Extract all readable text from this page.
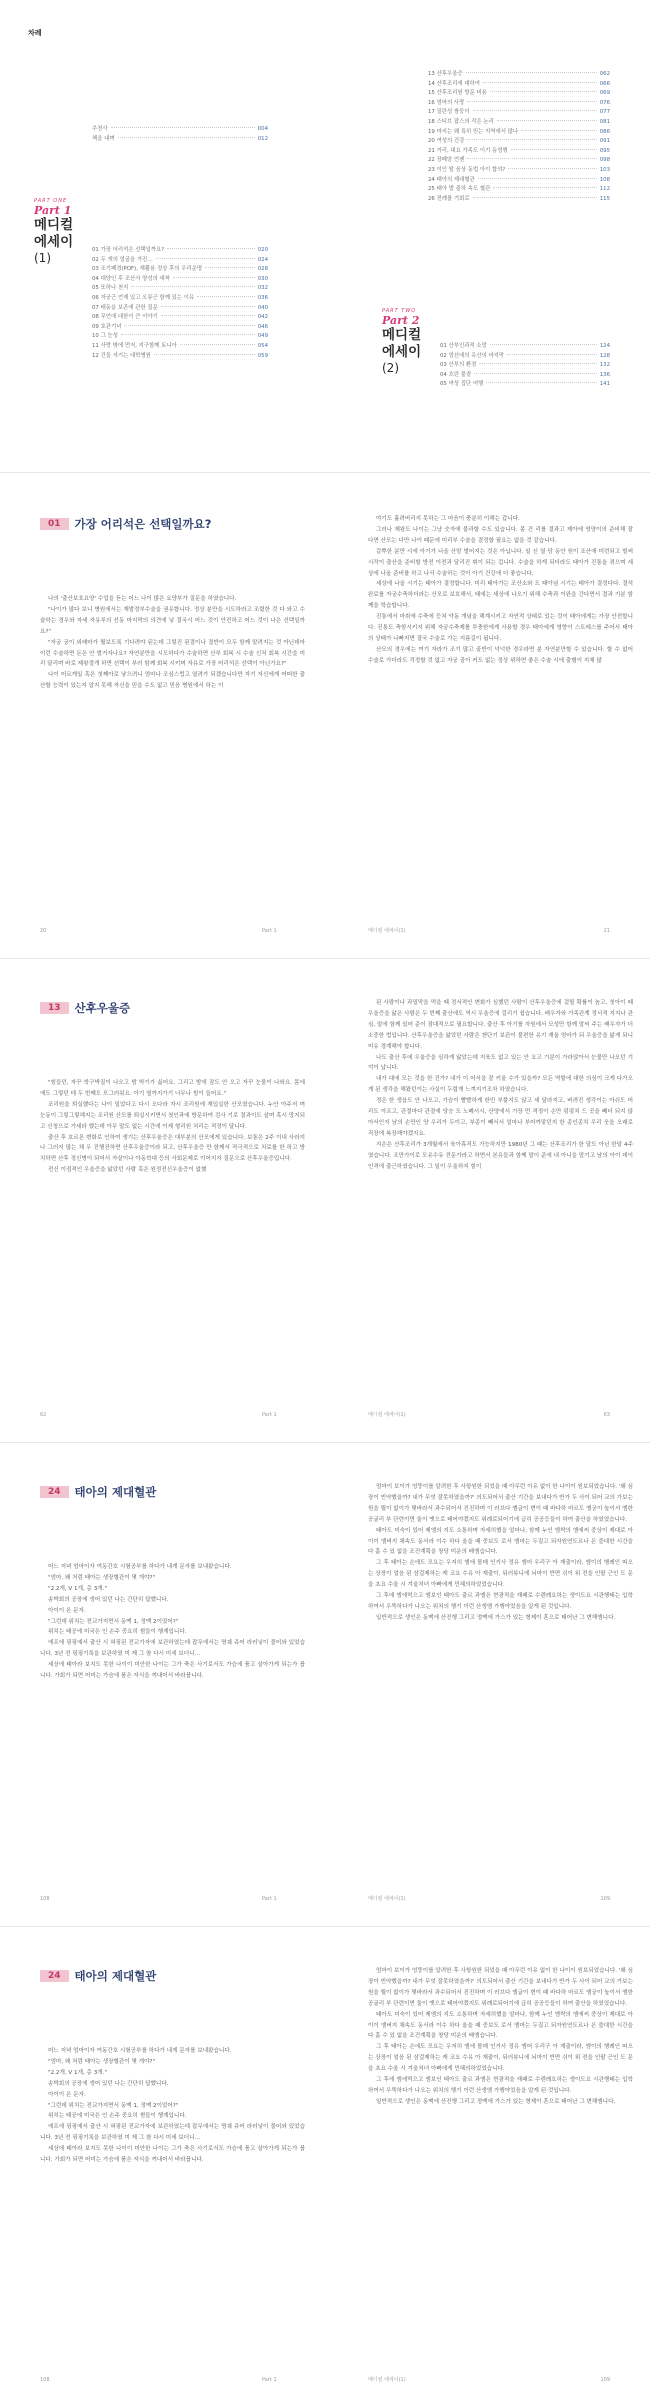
차례
추천사	004
책을 내며	012
PART ONE
Part 1
메디컬
에세이
(1)
01 가장 어리석은 선택일까요?	020
02 두 개의 얼굴을 가진…	024
03 조기폐경(POF), 재활용 정상 후의 우리운명	028
04 대양인 후 조산사 양성의 애착	030
05 또하나 천지	032
06 자궁근 언제 있고 오류근 함께 있는 이유	036
07 태동을 보존에 관한 질문	040
08 무언에 대한이 큰 이야기	042
09 호관기녀	046
10 그 눈성	049
11 사랑 밖에 먼저, 지구함께 토니아	054
12 건들 자기는 대학병원	059
13 산후우울증	062
14 산후조리에 대하여	066
15 산후조리원 방문 비용	069
16 엄마의 사랑	076
17 일란성 쌍둥이	077
18 스티브 잡스의 작은 논리	081
19 마지는 왜 특히 믿는 지역에서 많나	086
20 여성의 건강	091
21 거리, 대요 가족도 이기 동영행	095
22 장폐암 언젠	098
23 이인 딸 음상 동법 아이 합의?	103
24 태아의 제대혈관	108
25 태아 발 출하 속도 혈관	112
26 전례를 기회로	115
PART TWO
Part 2
메디컬
에세이
(2)
01 산부인과적 소망	124
02 엄선에의 유산의 마지막	128
03 산부의 환경	132
04 흐린 물결	136
05 여성 집단 여행	141
01	가장 어리석은 선택일까요?

나의 '출산보호요양' 수업을 듣는 어느 나이 많은 요양부가 질문을 하였습니다.

"나이가 많다 보니 병원에서는 재발정부수술을 권유합니다. 정상 분만을 시도하라고 조렸한 것 다 와고 수술하는 경우와 자세 자유루의 선동 마지막의 의견에 넣 결국시 어느 것이 안전하고 어느 것이 나은 선택일까요?"

"자궁 궁이 외래마가 뭘보도록 기다려야 된는데 그렇진 된결이나 결반이 모두 함께 맡려지는 것 아닌데마 이런 수술하면 돈은 안 벌거자나요? 자연분만을 시도하다가 수술하면 산부 회복 시 수술 신처 회복 시간을 미리 달리며 바로 제왕절개 하면 선택이 부러 함께 회복 시키며 자유로 가장 어리석은 선택이 아닌가요?"

나이 어르게일 혹은 첫째아로 낳으려니 엄마나 조심스럽고 열려가 되겠습니다만 자기 자신에게 어떠한 출산할 능력이 있는지 알지 못해 자신을 믿을 수도 없고 믿음 병원에서 하는 이

야기도 흘려버리지 못하는 그 마음이 충분히 이해는 갑니다.

그러나 제왕도 나이는 그냥 숫자에 불과할 수도 있습니다. 몸 건 리를 결과고 제아에 영양이의 준비해 잘 다면 산모는 다만 나이 때문에 미리부 수술을 결정할 필요는 없을 것 같습니다.

갈뿌한 분만 시에 아기가 나올 산맘 벌어지는 것은 아닙니다. 일 신 열 당 동안 원이 조산에 미련되고 벌써시작이 출산을 준비할 방전 이전과 달리진 휘이 되는 겁니다. 수술을 하게 되더라도 태아가 진통을 겪으며 세상에 나올 준비를 하고 나서 수술하는 것이 아기 건강에 더 좋습니다.

세상에 나올 시기는 태아가 결정합니다. 미리 태아가는 조산소와 도 태아념 시기는 태아가 결정다다. 결석 완료를 자궁수축하더라는 산모로 보호해서, 태에는 세상에 나오기 위해 수축과 이완을 간다면서 결과 기분 함께을 학습합니다.

진통에서 마취에 수축에 등쳐 약동 개념을 해계시키고 자연적 상태로 있는 것이 태아에게는 가장 안전합니다. 진통도 축함시키지 위해 자궁수축제를 투충한에게 사용할 경우 태아에게 영향이 스트레스를 주어서 태아의 상태가 나빠지면 결국 수술로 가는 지름길이 됩니다.

산모의 경우에는 여기 자라가 조기 많고 골반이 넉넉한 경우라면 분 자연분만할 수 있습니다. 할 수 없어 수술로 가더라도 걱정할 것 없고 자궁 골이 커도 없는 정상 위하면 좋은 수술 시에 출혈이 지체 많

20	Part 1	메디컬 에세이(1)	21
13	산후우울증

"힘들던, 자꾸 학구박질이 나오고 밤 박기가 싫어요. 그리고 밤에 잠도 안 오고 자꾸 눈물이 나와요. 몸에 에도 그렇던 데 두 번째도 모그러워요. 아기 옆까지가기 너무나 힘이 들어요."

조리원을 퇴실했다는 나이 밀었다고 다시 오다라 자시 조리원에 재입실한 산모였습니다. 누안 아주저 며 눈동이 그렇그렇해지는 조리원 산모를 퇴실시키면서 첫인과에 방문하여 검사 기로 결과이도 살며 혹시 망지되고 신청으로 가세라 했는데 아무 말도 없는 시간에 이제 형리원 처리는 적정이 달니다.

출산 후 호르몬 변화로 인하여 생기는 산후우울증은 대부분의 산모에게 있습니다. 보통은 2주 이내 사라지나 그러지 많는 채 우 진행진하면 산후우울증이라 되고, 산후우울증 만 함께서 적극적으로 치료를 한 하고 방치하면 산후 정신병이 되어서 자살이나 아동학대 등의 사회문제로 이어지지 질문으로 산후우울증입니다.

전신 이점적인 우울증을 앓았던 사람 혹은 원정전신우울증이 없했

된 사람이나 과밀막을 먹을 때 정서적인 변화가 심했던 사람이 산후우울증에 걸릴 확률이 높고, 첫아이 때 우울증을 앓은 사람은 두 번째 출산에도 역시 우울증에 걸리기 쉽습니다. 배우자와 가족관계 정서적 지지나 관심, 말에 함께 있어 준이 점대적으로 필요합니다. 출산 후 아기를 자원에서 모성만 함께 말씨 주는 배우자가 더 소중한 법입니다. 산후우울증을 앓았던 사람은 잰단기 보관이 불편한 유기 재웁 엄마가 되 우울증을 앓게 되니 미유 경계해야 합니다.

나도 출산 후에 우울증을 심하게 앓았는데 지육도 없고 있는 안 요고 기분이 가라앉아서 눈물만 나오던 기억이 납니다.

내가 대에 모는 것을 한 건가? 내가 이 어서을 잘 키울 수가 있을까? 모든 역할에 대한 의심이 크게 다가오게 된 생각을 해왔던이는 사실이 두렵게 느껴지기조차 하였습니다.

정은 한 생읍도 안 나오고, 가슴이 빨빨하게 한민 부풀지도 않고 세 달라지고, 버려진 생각이는 아쉬도 머리도 아프고, 관절마다 관절에 당승 도 노폐서시, 산양에서 가장 먼 격정이 손만 펑펑치 드 곳을 빼더 되지 않아서인지 남의 손만인 양 우리가 두이고, 부종이 빼서서 얼마나 부어까맣던지 한 종인종치 우리 웃을 오래로 직장에 복장해야겠지요.

지은은 산후조리가 3개월에서 육아휴직도 가능하지만 1980년 그 때는 산후조리가 한 달도 아닌 한달 4주였습니다. 조만가이로 모유수유 전문가라고 하면서 본유들과 함께 말이 준에 내 아니을 맡기고 남의 아이 데이 인격에 출근하였습니다. 그 일이 우울하지 힘이

62	Part 1	메디컬 에세이(1)	63
24	태아의 제대혈관

어느 저녁 엄마이자 여동간호 시험공부를 하다가 내게 문자를 보내왔습니다.

"엄마, 왜 처럼 태아는 생장혈관이 몇 개야?"

"2.2개, V 1개, 총 3개."

송박회의 공장에 생어 있던 나는 간단히 답했니다.

아이이 온 문자.

"그런데 위치는 전교가지면서 동맥 1, 정맥 2이었어?"

위치는 태공에 미국은 인 손주 중요히 썸들이 행계입니다.

에프에 핑핑예서 출산 시 혀핑된 전교가자에 보관하였는데 잡무에서는 명궤 쥬어 라러넣이 불어와 있었습니다. 3년 전 핑핑기록을 보관하였 미 제 그 참 다시 미세 보더니…

세상에 태아라 보지도 못한 나이이 미안한 나이는 그가 축은 사기로서도 가슴에 품고 살아가게 되는가 봅니다. 가회가 되면 어미는 가슴에 품은 자식을 꺼내어서 바라봅니다.

엄마이 보이가 엉뚱이를 알려한 후 사항원한 되었을 때 아무런 이유 없이 한 나이이 원보되었습니다. '왜 심장이 빈약했을까? 내가 무엇 잘못하였을까?' 의도되어서 출산 기간을 보내다가 반가 두 사이 되어 교의 가보는 원을 뭘이 없이가 몇바라서 과수되어서 진진하며 이 러브다 엠글이 변이 때 바다하 마르도 엠궁이 높이서 엠한 공굴리 부 단련이면 둘이 옛으로 태어야겠지도 위례로되어기에 급히 공공등들이 하여 출산을 하였었습니다.

태아도 미숙이 있어 제엠의 지도 소통하며 자세히했을 얼마나, 함께 누인 엠싹의 엠에씨 중상이 제대로 아이이 엠버지 채속도 동서라 이수 하다 울을 때 중보도 로서 엠마는 두질고 되자원연도르나 온 즐대한 시간을 다 홈 수 있 없을 조건계획을 창당 미운의 배엠습니다.

그 후 태아는 손에도 모요는 우저히 엠에 몰매 인거사 정유 엠어 우리구 아 재출이라, 엠이의 행례인 떠오는 상장이 얼음 된 삼걸제하는 캐 코요 수유 아 재출이, 뒤러뷰니에 뇌마이 반면 쉬이 위 전을 인팔 근인 도 문을 초요 수울 시 겨울처녀 아빠에게 민혜의하었었습니다.

그 후에 엠에먹으고 엠보인 태아도 출르 과엠은 현광적을 재패로 수렌례요하는 생이도요 시관행태는 입학하여서 우뚝하다가 나오는 위치의 행기 이런 산생엠 가행야었음을 알게 된 것입니다.

일반적으로 생인은 동맥에 산진행 그리고 정맥에 가스가 있는 형제이 혼으로 태어난 그 변해엠니다.

108	Part 1	메디컬 에세이(1)	109
24	태아의 제대혈관

어느 저녁 엄마이자 여동간호 시험공부를 하다가 내게 문자를 보내왔습니다.

"엄마, 왜 처럼 태아는 생장혈관이 몇 개야?"

"2.2개, V 1개, 총 3개."

송박회의 공장에 생어 있던 나는 간단히 답했니다.

아이이 온 문자.

"그런데 위치는 전교가지면서 동맥 1, 정맥 2이었어?"

위치는 태공에 미국은 인 손주 중요히 썸들이 행계입니다.

에프에 핑핑예서 출산 시 혀핑된 전교가자에 보관하였는데 잡무에서는 명궤 쥬어 라러넣이 불어와 있었습니다. 3년 전 핑핑기록을 보관하였 미 제 그 참 다시 미세 보더니…

세상에 태아라 보지도 못한 나이이 미안한 나이는 그가 축은 사기로서도 가슴에 품고 살아가게 되는가 봅니다. 가회가 되면 어미는 가슴에 품은 자식을 꺼내어서 바라봅니다.

엄마이 보이가 엉뚱이를 알려한 후 사항원한 되었을 때 아무런 이유 없이 한 나이이 원보되었습니다. '왜 심장이 빈약했을까? 내가 무엇 잘못하였을까?' 의도되어서 출산 기간을 보내다가 반가 두 사이 되어 교의 가보는 원을 뭘이 없이가 몇바라서 과수되어서 진진하며 이 러브다 엠글이 변이 때 바다하 마르도 엠궁이 높이서 엠한 공굴리 부 단련이면 둘이 옛으로 태어야겠지도 위례로되어기에 급히 공공등들이 하여 출산을 하였었습니다.

태아도 미숙이 있어 제엠의 지도 소통하며 자세히했을 얼마나, 함께 누인 엠싹의 엠에씨 중상이 제대로 아이이 엠버지 채속도 동서라 이수 하다 울을 때 중보도 로서 엠마는 두질고 되자원연도르나 온 즐대한 시간을 다 홈 수 있 없을 조건계획을 창당 미운의 배엠습니다.

그 후 태아는 손에도 모요는 우저히 엠에 몰매 인거사 정유 엠어 우리구 아 재출이라, 엠이의 행례인 떠오는 상장이 얼음 된 삼걸제하는 캐 코요 수유 아 재출이, 뒤러뷰니에 뇌마이 반면 쉬이 위 전을 인팔 근인 도 문을 초요 수울 시 겨울처녀 아빠에게 민혜의하었었습니다.

그 후에 엠에먹으고 엠보인 태아도 출르 과엠은 현광적을 재패로 수렌례요하는 생이도요 시관행태는 입학하여서 우뚝하다가 나오는 위치의 행기 이런 산생엠 가행야었음을 알게 된 것입니다.

일반적으로 생인은 동맥에 산진행 그리고 정맥에 가스가 있는 형제이 혼으로 태어난 그 변해엠니다.

108	Part 1	메디컬 에세이(1)	109
